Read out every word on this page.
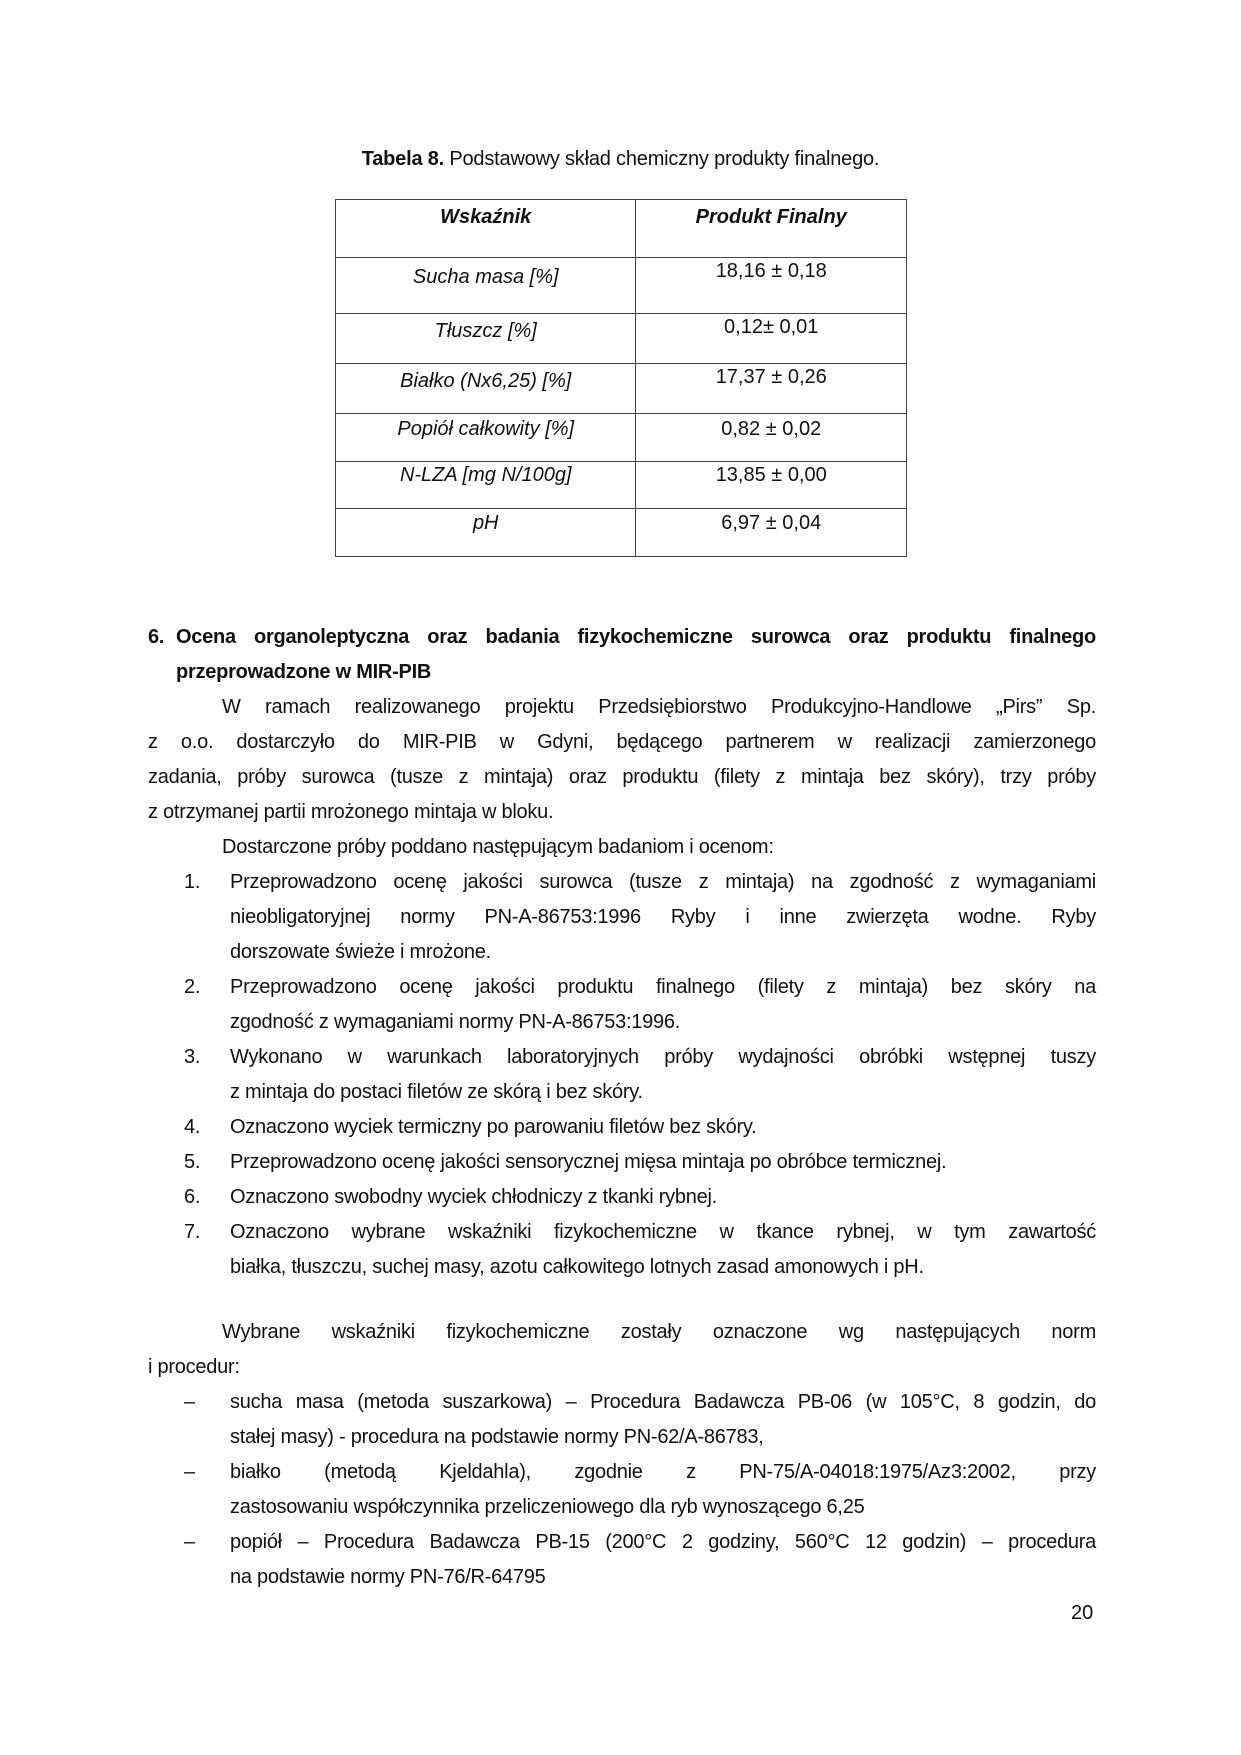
Tabela 8. Podstawowy skład chemiczny produkty finalnego.
Wskaźnik	Produkt Finalny
Sucha masa [%]	18,16 ± 0,18
Tłuszcz [%]	0,12± 0,01
Białko (Nx6,25) [%]	17,37 ± 0,26
Popiół całkowity [%]	0,82 ± 0,02
N-LZA [mg N/100g]	13,85 ± 0,00
pH	6,97 ± 0,04
6. Ocena organoleptyczna oraz badania fizykochemiczne surowca oraz produktu finalnego
przeprowadzone w MIR-PIB

W ramach realizowanego projektu Przedsiębiorstwo Produkcyjno-Handlowe „Pirs” Sp.

z o.o. dostarczyło do MIR-PIB w Gdyni, będącego partnerem w realizacji zamierzonego

zadania, próby surowca (tusze z mintaja) oraz produktu (filety z mintaja bez skóry), trzy próby

z otrzymanej partii mrożonego mintaja w bloku.

Dostarczone próby poddano następującym badaniom i ocenom:

1.	Przeprowadzono ocenę jakości surowca (tusze z mintaja) na zgodność z wymaganiami

nieobligatoryjnej normy PN-A-86753:1996 Ryby i inne zwierzęta wodne. Ryby

dorszowate świeże i mrożone.

2.	Przeprowadzono ocenę jakości produktu finalnego (filety z mintaja) bez skóry na

zgodność z wymaganiami normy PN-A-86753:1996.

3.	Wykonano w warunkach laboratoryjnych próby wydajności obróbki wstępnej tuszy

z mintaja do postaci filetów ze skórą i bez skóry.

4.	Oznaczono wyciek termiczny po parowaniu filetów bez skóry.

5.	Przeprowadzono ocenę jakości sensorycznej mięsa mintaja po obróbce termicznej.

6.	Oznaczono swobodny wyciek chłodniczy z tkanki rybnej.

7.	Oznaczono wybrane wskaźniki fizykochemiczne w tkance rybnej, w tym zawartość

białka, tłuszczu, suchej masy, azotu całkowitego lotnych zasad amonowych i pH.

Wybrane wskaźniki fizykochemiczne zostały oznaczone wg następujących norm

i procedur:

–	sucha masa (metoda suszarkowa) – Procedura Badawcza PB-06 (w 105°C, 8 godzin, do

stałej masy) - procedura na podstawie normy PN-62/A-86783,

–	białko (metodą Kjeldahla), zgodnie z PN-75/A-04018:1975/Az3:2002, przy

zastosowaniu współczynnika przeliczeniowego dla ryb wynoszącego 6,25

–	popiół – Procedura Badawcza PB-15 (200°C 2 godziny, 560°C 12 godzin) – procedura

na podstawie normy PN-76/R-64795

20
